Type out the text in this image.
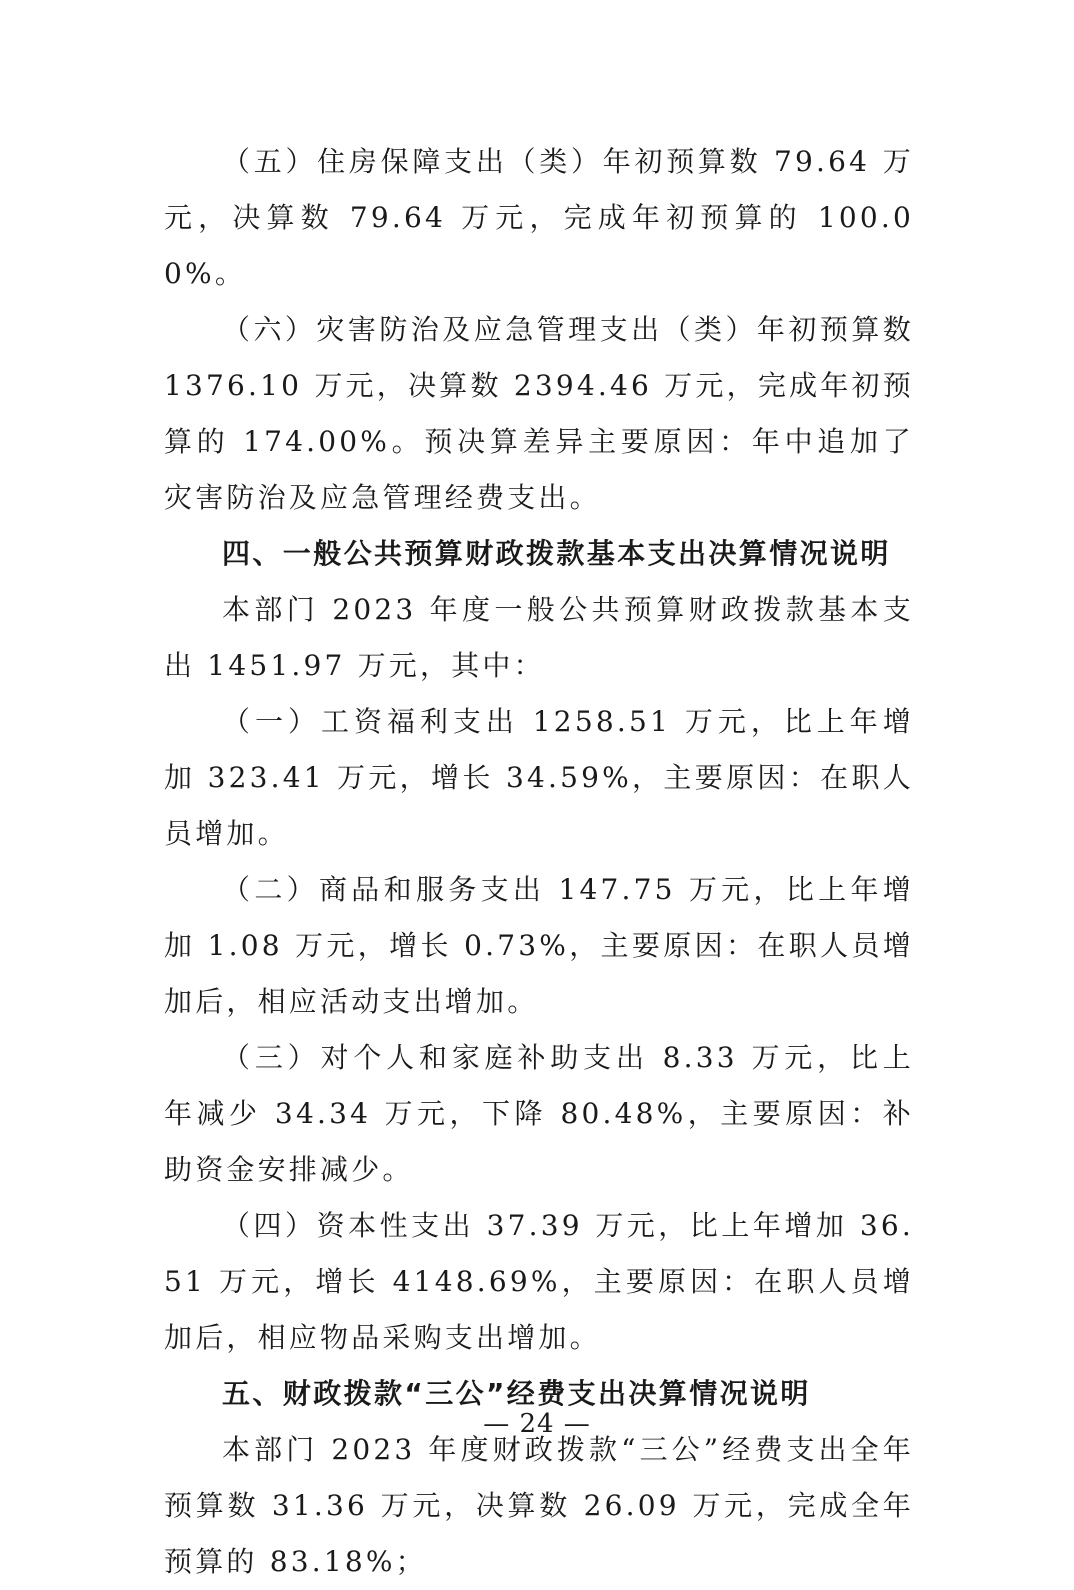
（五）住房保障支出（类）年初预算数 79.64 万元，决算数 79.64 万元，完成年初预算的 100.00%。

（六）灾害防治及应急管理支出（类）年初预算数 1376.10 万元，决算数 2394.46 万元，完成年初预算的 174.00%。预决算差异主要原因：年中追加了灾害防治及应急管理经费支出。

四、一般公共预算财政拨款基本支出决算情况说明

本部门 2023 年度一般公共预算财政拨款基本支出 1451.97 万元，其中：

（一）工资福利支出 1258.51 万元，比上年增加 323.41 万元，增长 34.59%，主要原因：在职人员增加。

（二）商品和服务支出 147.75 万元，比上年增加 1.08 万元，增长 0.73%，主要原因：在职人员增加后，相应活动支出增加。

（三）对个人和家庭补助支出 8.33 万元，比上年减少 34.34 万元，下降 80.48%，主要原因：补助资金安排减少。

（四）资本性支出 37.39 万元，比上年增加 36.51 万元，增长 4148.69%，主要原因：在职人员增加后，相应物品采购支出增加。

五、财政拨款“三公”经费支出决算情况说明

本部门 2023 年度财政拨款“三公”经费支出全年预算数 31.36 万元，决算数 26.09 万元，完成全年预算的 83.18%；

— 24 —
